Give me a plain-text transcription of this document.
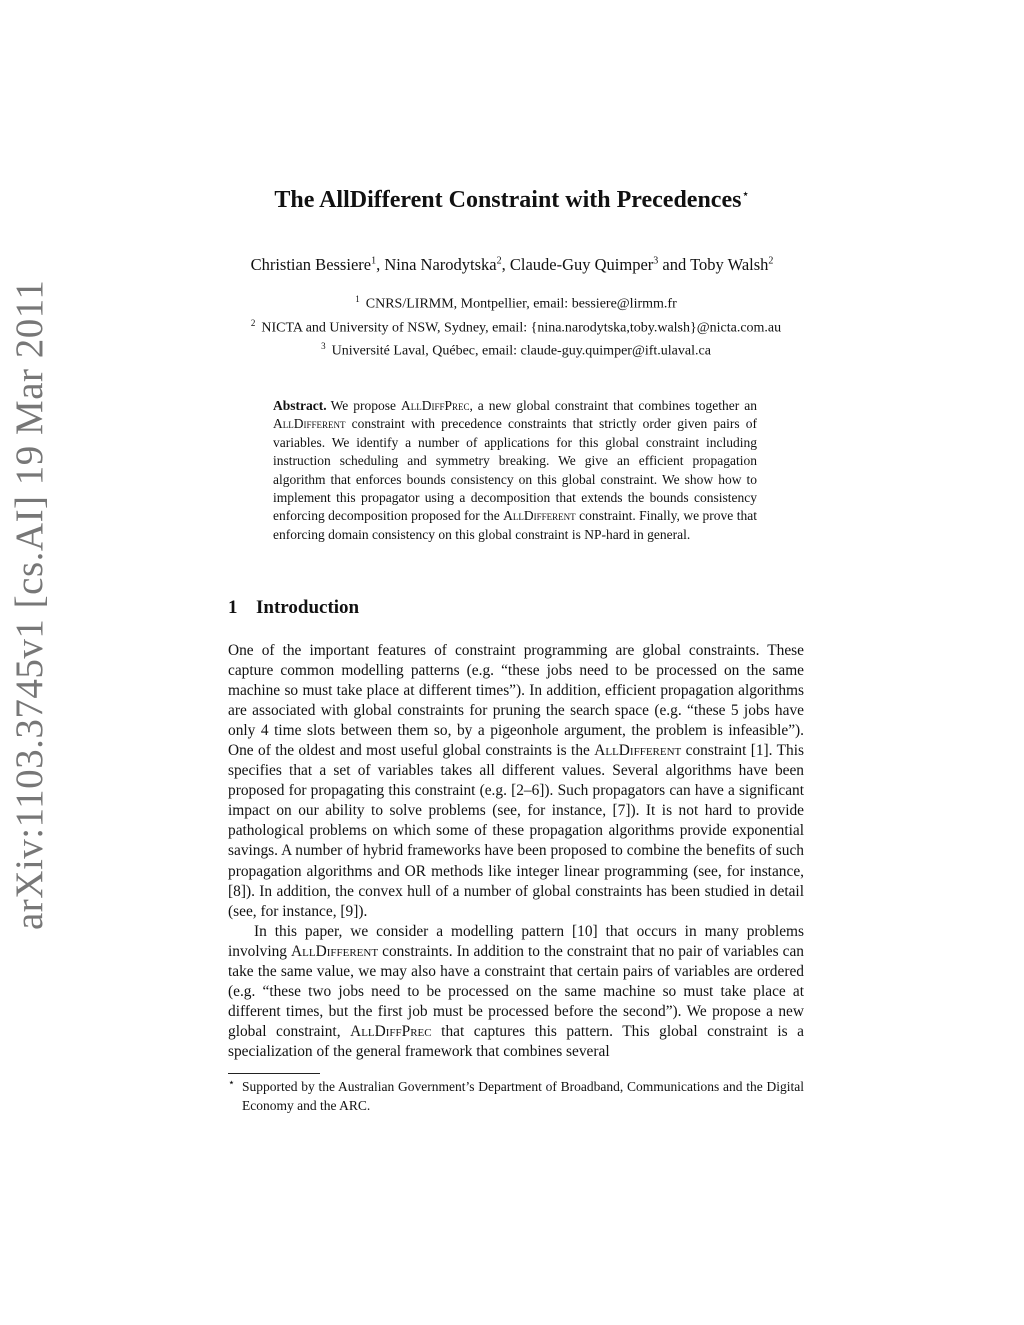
arXiv:1103.3745v1 [cs.AI] 19 Mar 2011
The AllDifferent Constraint with Precedences⋆
Christian Bessiere$^1$, Nina Narodytska$^2$, Claude-Guy Quimper$^3$ and Toby Walsh$^2$
$^1$ CNRS/LIRMM, Montpellier, email: bessiere@lirmm.fr
$^2$ NICTA and University of NSW, Sydney, email: {nina.narodytska,toby.walsh}@nicta.com.au
$^3$ Université Laval, Québec, email: claude-guy.quimper@ift.ulaval.ca

Abstract. We propose AllDiffPrec, a new global constraint that combines together an AllDifferent constraint with precedence constraints that strictly order given pairs of variables. We identify a number of applications for this global constraint including instruction scheduling and symmetry breaking. We give an efficient propagation algorithm that enforces bounds consistency on this global constraint. We show how to implement this propagator using a decomposition that extends the bounds consistency enforcing decomposition proposed for the AllDifferent constraint. Finally, we prove that enforcing domain consistency on this global constraint is NP-hard in general.

1 Introduction

One of the important features of constraint programming are global constraints. These capture common modelling patterns (e.g. “these jobs need to be processed on the same machine so must take place at different times”). In addition, efficient propagation algorithms are associated with global constraints for pruning the search space (e.g. “these 5 jobs have only 4 time slots between them so, by a pigeonhole argument, the problem is infeasible”). One of the oldest and most useful global constraints is the AllDifferent constraint [1]. This specifies that a set of variables takes all different values. Several algorithms have been proposed for propagating this constraint (e.g. [2–6]). Such propagators can have a significant impact on our ability to solve problems (see, for instance, [7]). It is not hard to provide pathological problems on which some of these propagation algorithms provide exponential savings. A number of hybrid frameworks have been proposed to combine the benefits of such propagation algorithms and OR methods like integer linear programming (see, for instance, [8]). In addition, the convex hull of a number of global constraints has been studied in detail (see, for instance, [9]).

In this paper, we consider a modelling pattern [10] that occurs in many problems involving AllDifferent constraints. In addition to the constraint that no pair of variables can take the same value, we may also have a constraint that certain pairs of variables are ordered (e.g. “these two jobs need to be processed on the same machine so must take place at different times, but the first job must be processed before the second”). We propose a new global constraint, AllDiffPrec that captures this pattern. This global constraint is a specialization of the general framework that combines several

⋆ Supported by the Australian Government’s Department of Broadband, Communications and the Digital Economy and the ARC.
